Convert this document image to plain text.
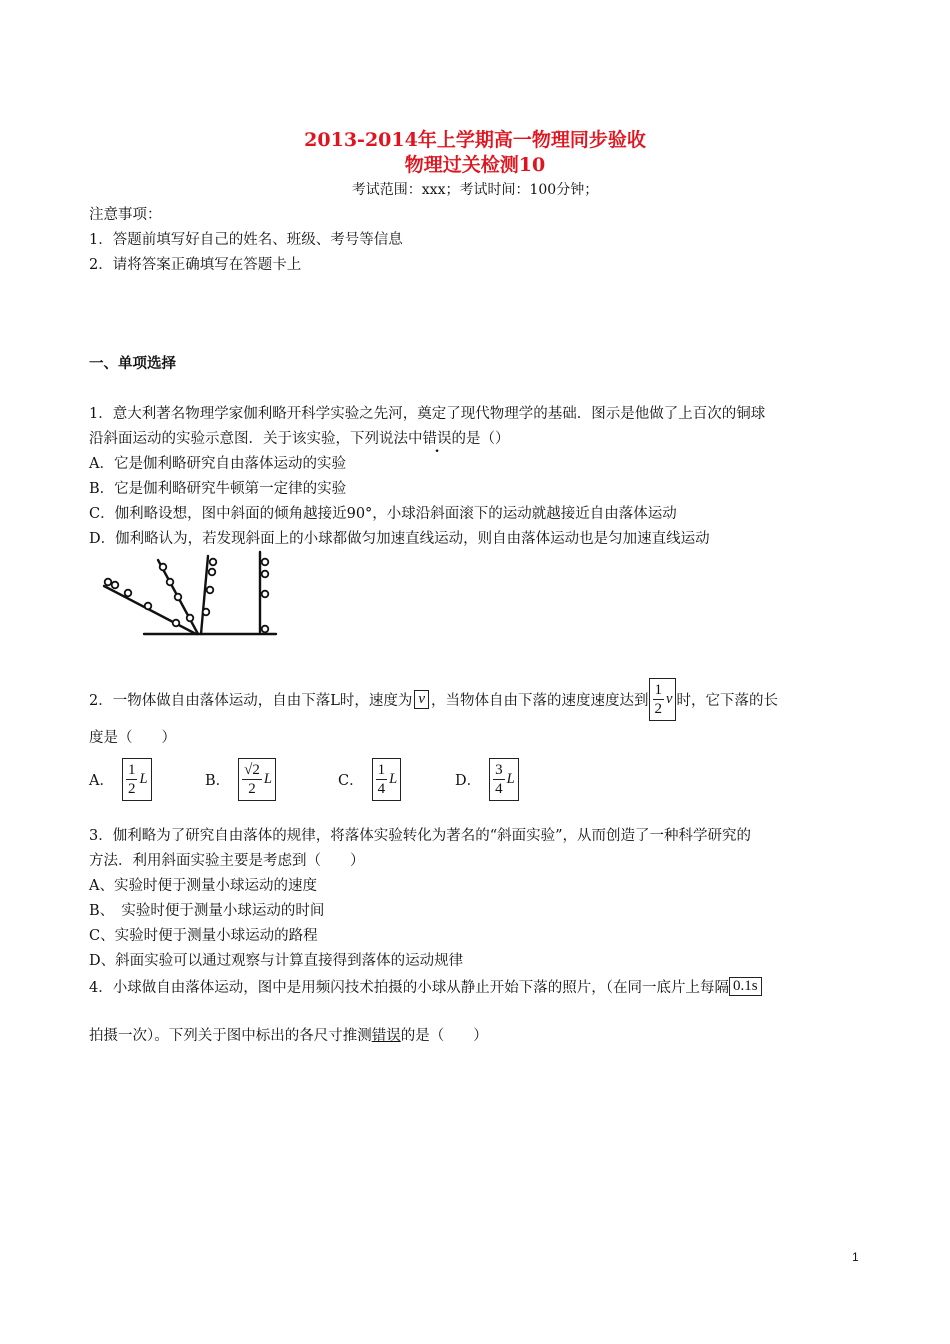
2013-2014年上学期高一物理同步验收
物理过关检测10
考试范围：xxx；考试时间：100分钟；
注意事项：
1．答题前填写好自己的姓名、班级、考号等信息
2．请将答案正确填写在答题卡上
一、单项选择
1．意大利著名物理学家伽利略开科学实验之先河，奠定了现代物理学的基础．图示是他做了上百次的铜球
沿斜面运动的实验示意图．关于该实验，下列说法中错误的是（）
A．它是伽利略研究自由落体运动的实验
B．它是伽利略研究牛顿第一定律的实验
C．伽利略设想，图中斜面的倾角越接近90°，小球沿斜面滚下的运动就越接近自由落体运动
D．伽利略认为，若发现斜面上的小球都做匀加速直线运动，则自由落体运动也是匀加速直线运动
2．一物体做自由落体运动，自由下落L时，速度为 v ，当物体自由下落的速度速度达到 $\frac{1}{2}$ v 时，它下落的长
度是（　　）
A． $\frac{1}{2}$ L	B． $\frac{√2}{2}$ L	C． $\frac{1}{4}$ L	D． $\frac{3}{4}$ L
3．伽利略为了研究自由落体的规律，将落体实验转化为著名的“斜面实验”，从而创造了一种科学研究的
方法．利用斜面实验主要是考虑到（　　）
A、实验时便于测量小球运动的速度
B、　实验时便于测量小球运动的时间
C、实验时便于测量小球运动的路程
D、斜面实验可以通过观察与计算直接得到落体的运动规律
4．小球做自由落体运动，图中是用频闪技术拍摄的小球从静止开始下落的照片，（在同一底片上每隔 0.1s
拍摄一次）。下列关于图中标出的各尺寸推测错误的是（　　）
1
